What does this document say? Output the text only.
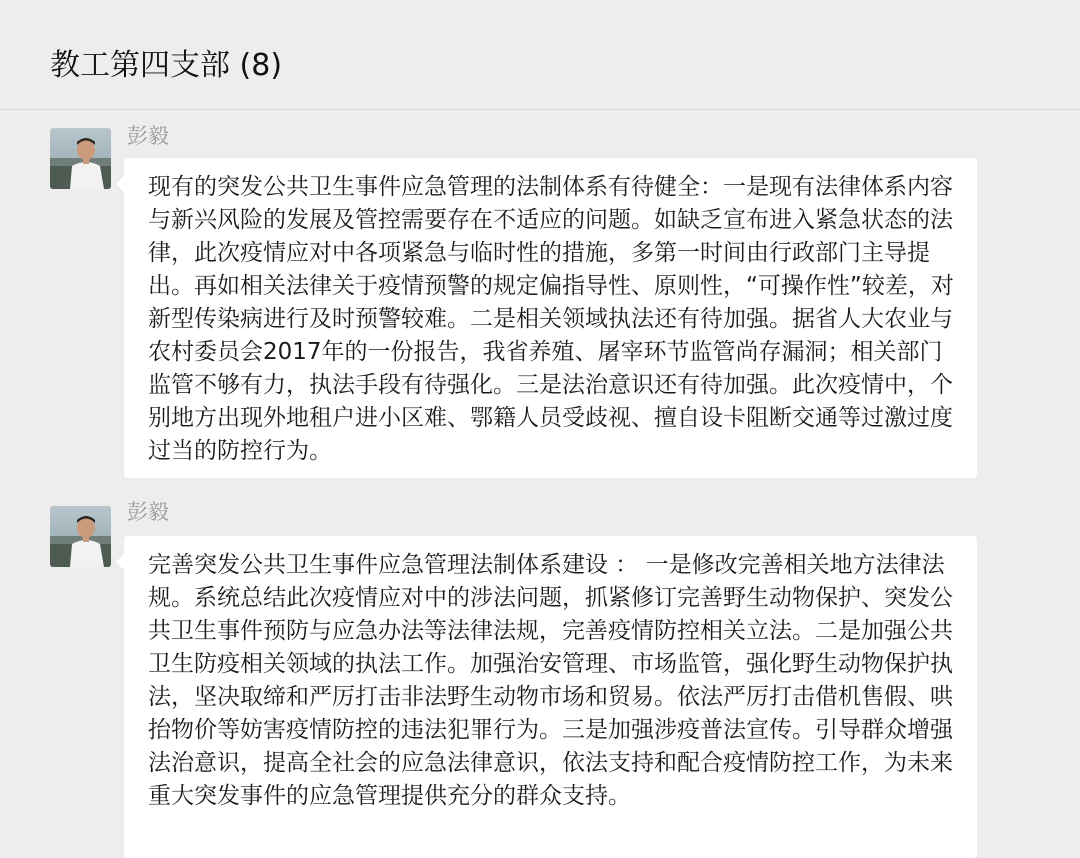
教工第四支部 (8)
彭毅
现有的突发公共卫生事件应急管理的法制体系有待健全：一是现有法律体系内容与新兴风险的发展及管控需要存在不适应的问题。如缺乏宣布进入紧急状态的法律，此次疫情应对中各项紧急与临时性的措施，多第一时间由行政部门主导提出。再如相关法律关于疫情预警的规定偏指导性、原则性，“可操作性”较差，对新型传染病进行及时预警较难。二是相关领域执法还有待加强。据省人大农业与农村委员会2017年的一份报告，我省养殖、屠宰环节监管尚存漏洞；相关部门监管不够有力，执法手段有待强化。三是法治意识还有待加强。此次疫情中，个别地方出现外地租户进小区难、鄂籍人员受歧视、擅自设卡阻断交通等过激过度过当的防控行为。
彭毅
完善突发公共卫生事件应急管理法制体系建设 ： 一是修改完善相关地方法律法规。系统总结此次疫情应对中的涉法问题，抓紧修订完善野生动物保护、突发公共卫生事件预防与应急办法等法律法规，完善疫情防控相关立法。二是加强公共卫生防疫相关领域的执法工作。加强治安管理、市场监管，强化野生动物保护执法，坚决取缔和严厉打击非法野生动物市场和贸易。依法严厉打击借机售假、哄抬物价等妨害疫情防控的违法犯罪行为。三是加强涉疫普法宣传。引导群众增强法治意识，提高全社会的应急法律意识，依法支持和配合疫情防控工作，为未来重大突发事件的应急管理提供充分的群众支持。
